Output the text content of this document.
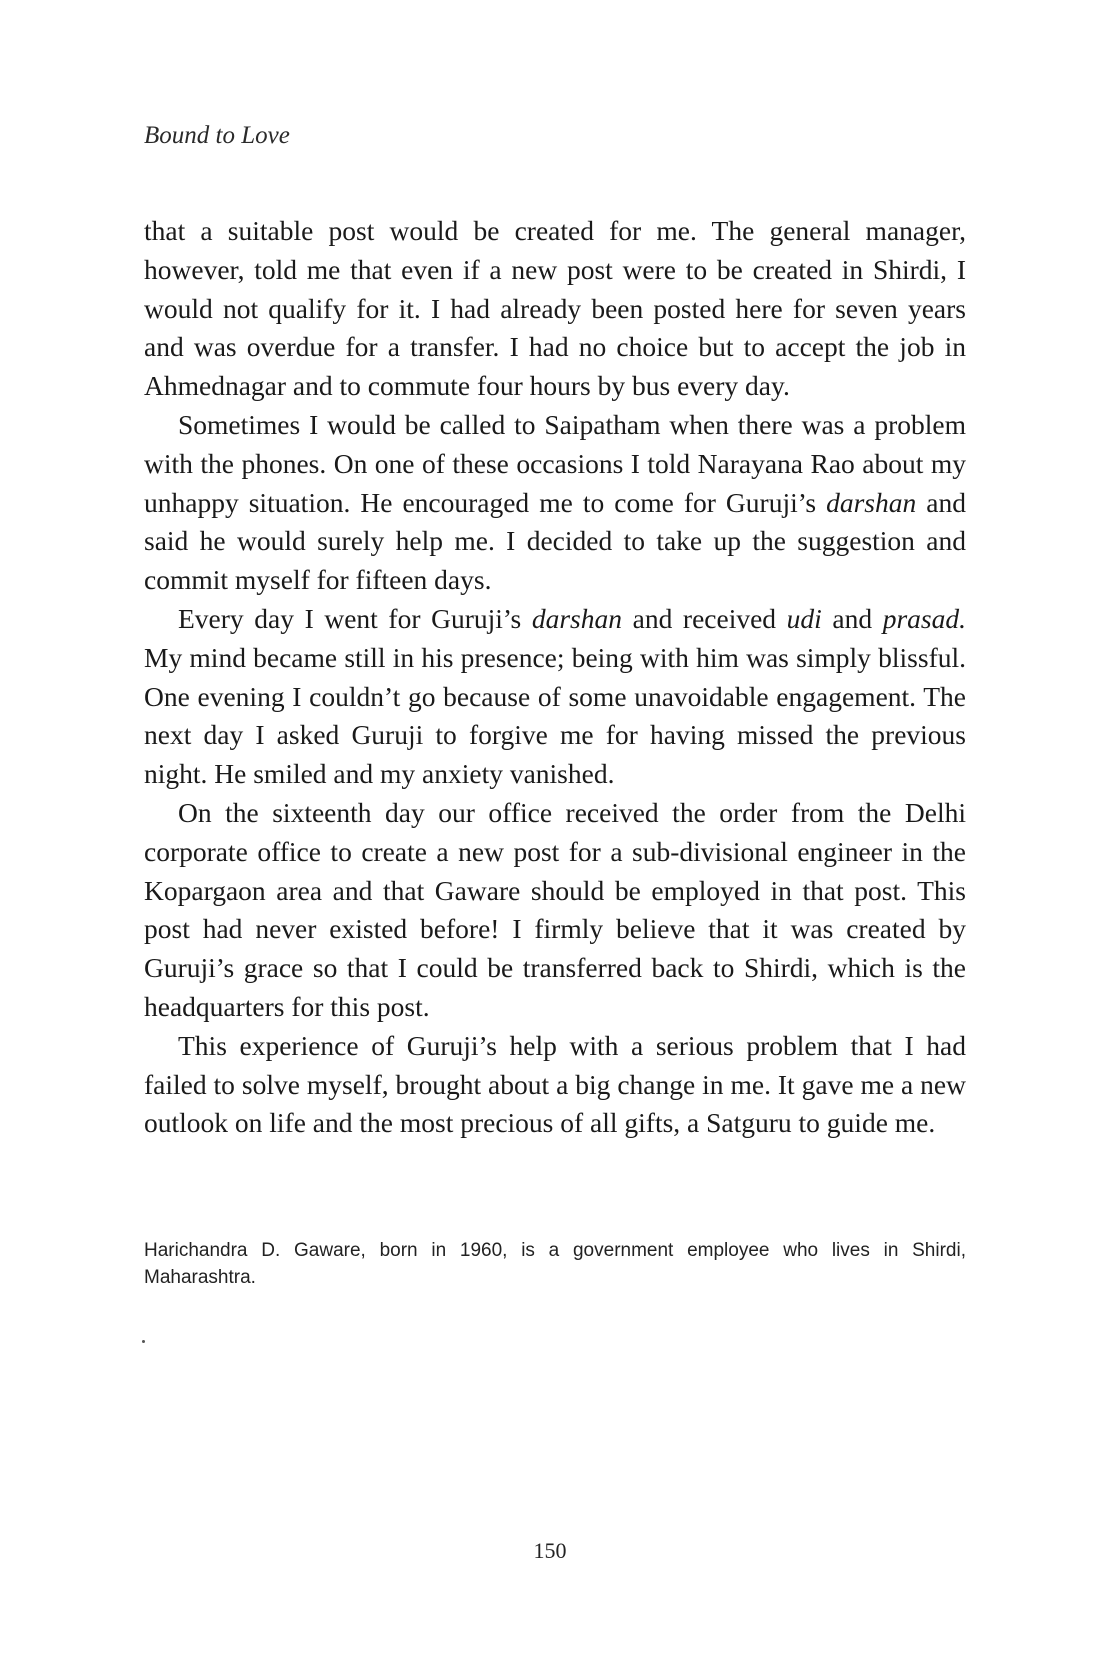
Bound to Love

that a suitable post would be created for me. The general manager, however, told me that even if a new post were to be created in Shirdi, I would not qualify for it. I had already been posted here for seven years and was overdue for a transfer. I had no choice but to accept the job in Ahmednagar and to commute four hours by bus every day.

Sometimes I would be called to Saipatham when there was a problem with the phones. On one of these occasions I told Narayana Rao about my unhappy situation. He encouraged me to come for Guruji’s darshan and said he would surely help me. I decided to take up the suggestion and commit myself for fifteen days.

Every day I went for Guruji’s darshan and received udi and prasad. My mind became still in his presence; being with him was simply blissful. One evening I couldn’t go because of some unavoidable engagement. The next day I asked Guruji to forgive me for having missed the previous night. He smiled and my anxiety vanished.

On the sixteenth day our office received the order from the Delhi corporate office to create a new post for a sub-divisional engineer in the Kopargaon area and that Gaware should be employed in that post. This post had never existed before! I firmly believe that it was created by Guruji’s grace so that I could be transferred back to Shirdi, which is the headquarters for this post.

This experience of Guruji’s help with a serious problem that I had failed to solve myself, brought about a big change in me. It gave me a new outlook on life and the most precious of all gifts, a Satguru to guide me.

Harichandra D. Gaware, born in 1960, is a government employee who lives in Shirdi, Maharashtra.
150
